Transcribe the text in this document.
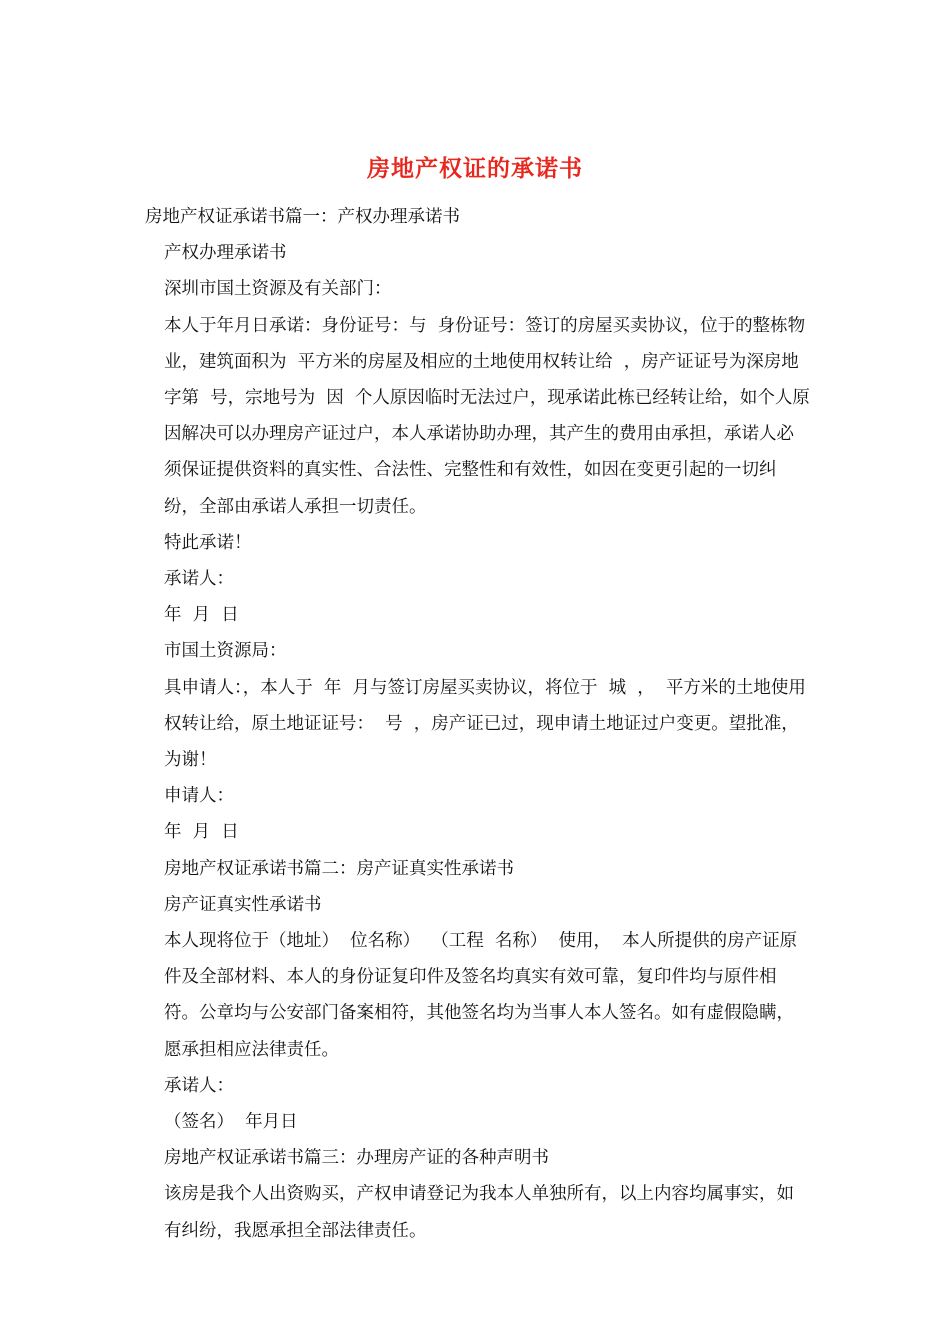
房地产权证的承诺书

房地产权证承诺书篇一：产权办理承诺书

产权办理承诺书

深圳市国土资源及有关部门：

本人于年月日承诺：身份证号：与  身份证号：签订的房屋买卖协议，位于的整栋物业，建筑面积为  平方米的房屋及相应的土地使用权转让给  ，房产证证号为深房地字第  号，宗地号为  因  个人原因临时无法过户，现承诺此栋已经转让给，如个人原因解决可以办理房产证过户，本人承诺协助办理，其产生的费用由承担，承诺人必须保证提供资料的真实性、合法性、完整性和有效性，如因在变更引起的一切纠纷，全部由承诺人承担一切责任。

特此承诺！

承诺人：

年  月  日

市国土资源局：

具申请人：，本人于  年  月与签订房屋买卖协议，将位于  城  ，  平方米的土地使用权转让给，原土地证证号：  号  ，房产证已过，现申请土地证过户变更。望批准，为谢！

申请人：

年  月  日

房地产权证承诺书篇二：房产证真实性承诺书

房产证真实性承诺书

本人现将位于（地址）  位名称）  （工程  名称）  使用，  本人所提供的房产证原件及全部材料、本人的身份证复印件及签名均真实有效可靠，复印件均与原件相符。公章均与公安部门备案相符，其他签名均为当事人本人签名。如有虚假隐瞒，愿承担相应法律责任。

承诺人：

（签名）  年月日

房地产权证承诺书篇三：办理房产证的各种声明书

该房是我个人出资购买，产权申请登记为我本人单独所有，以上内容均属事实，如有纠纷，我愿承担全部法律责任。
